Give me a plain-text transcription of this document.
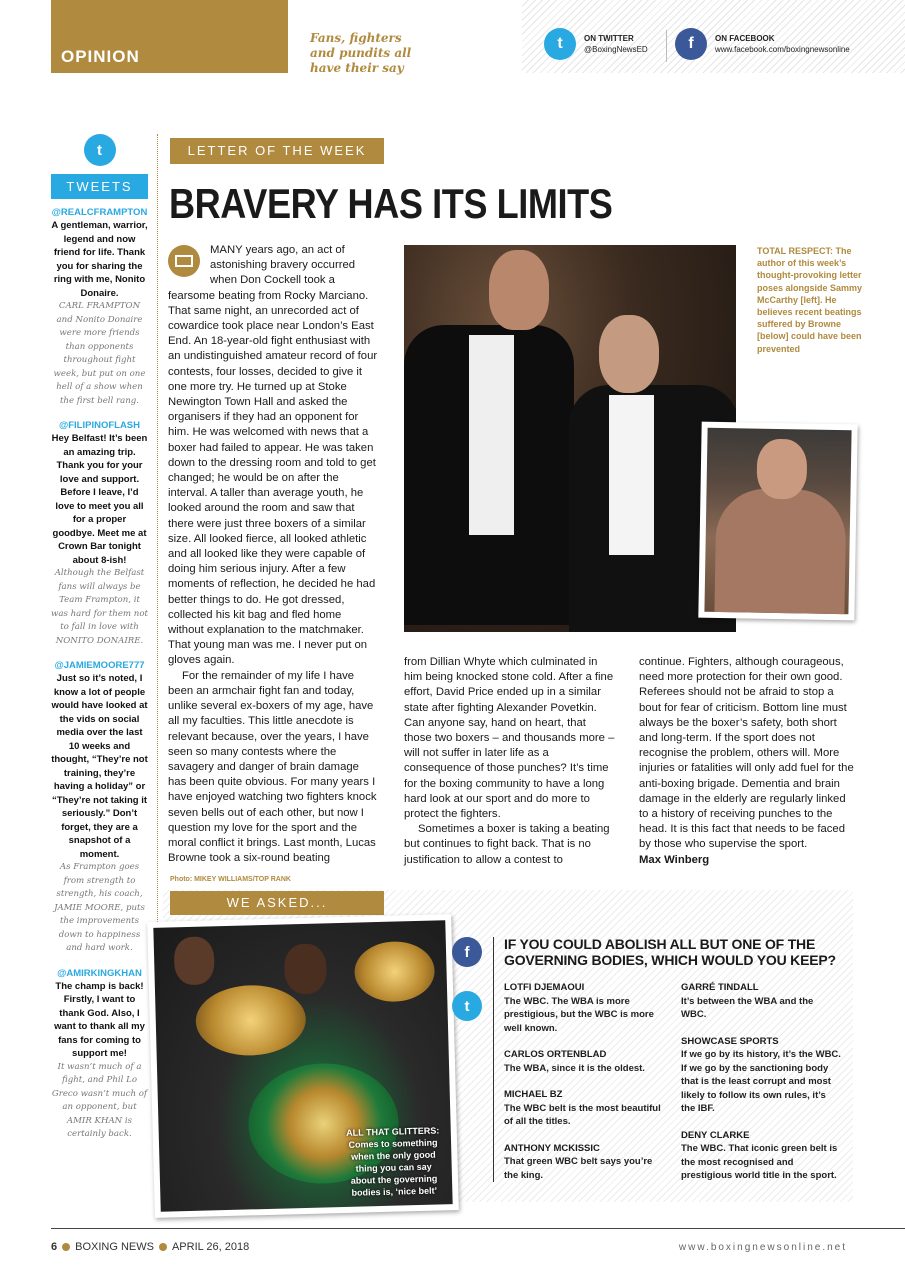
OPINION
Fans, fighters and pundits all have their say
t	ON TWITTER
@BoxingNewsED	f	ON FACEBOOK
www.facebook.com/boxingnewsonline
t
TWEETS
@REALCFRAMPTON
A gentleman, warrior, legend and now friend for life. Thank you for sharing the ring with me, Nonito Donaire.
CARL FRAMPTON and Nonito Donaire were more friends than opponents throughout fight week, but put on one hell of a show when the first bell rang.
@FILIPINOFLASH
Hey Belfast! It’s been an amazing trip. Thank you for your love and support. Before I leave, I’d love to meet you all for a proper goodbye. Meet me at Crown Bar tonight about 8-ish!
Although the Belfast fans will always be Team Frampton, it was hard for them not to fall in love with NONITO DONAIRE.
@JAMIEMOORE777
Just so it’s noted, I know a lot of people would have looked at the vids on social media over the last 10 weeks and thought, “They’re not training, they’re having a holiday” or “They’re not taking it seriously.” Don’t forget, they are a snapshot of a moment.
As Frampton goes from strength to strength, his coach, JAMIE MOORE, puts the improvements down to happiness and hard work.
@AMIRKINGKHAN
The champ is back! Firstly, I want to thank God. Also, I want to thank all my fans for coming to support me!
It wasn’t much of a fight, and Phil Lo Greco wasn’t much of an opponent, but AMIR KHAN is certainly back.
LETTER OF THE WEEK
BRAVERY HAS ITS LIMITS

MANY years ago, an act of astonishing bravery occurred when Don Cockell took a fearsome beating from Rocky Marciano. That same night, an unrecorded act of cowardice took place near London’s East End. An 18-year-old fight enthusiast with an undistinguished amateur record of four contests, four losses, decided to give it one more try. He turned up at Stoke Newington Town Hall and asked the organisers if they had an opponent for him. He was welcomed with news that a boxer had failed to appear. He was taken down to the dressing room and told to get changed; he would be on after the interval. A taller than average youth, he looked around the room and saw that there were just three boxers of a similar size. All looked fierce, all looked athletic and all looked like they were capable of doing him serious injury. After a few moments of reflection, he decided he had better things to do. He got dressed, collected his kit bag and fled home without explanation to the matchmaker. That young man was me. I never put on gloves again.

For the remainder of my life I have been an armchair fight fan and today, unlike several ex-boxers of my age, have all my faculties. This little anecdote is relevant because, over the years, I have seen so many contests where the savagery and danger of brain damage has been quite obvious. For many years I have enjoyed watching two fighters knock seven bells out of each other, but now I question my love for the sport and the moral conflict it brings. Last month, Lucas Browne took a six-round beating

from Dillian Whyte which culminated in him being knocked stone cold. After a fine effort, David Price ended up in a similar state after fighting Alexander Povetkin. Can anyone say, hand on heart, that those two boxers – and thousands more – will not suffer in later life as a consequence of those punches? It’s time for the boxing community to have a long hard look at our sport and do more to protect the fighters.

Sometimes a boxer is taking a beating but continues to fight back. That is no justification to allow a contest to

continue. Fighters, although courageous, need more protection for their own good. Referees should not be afraid to stop a bout for fear of criticism. Bottom line must always be the boxer’s safety, both short and long-term. If the sport does not recognise the problem, others will. More injuries or fatalities will only add fuel for the anti-boxing brigade. Dementia and brain damage in the elderly are regularly linked to a history of receiving punches to the head. It is this fact that needs to be faced by those who supervise the sport.

Max Winberg

Photo: MIKEY WILLIAMS/TOP RANK
TOTAL RESPECT: The author of this week’s thought-provoking letter poses alongside Sammy McCarthy [left]. He believes recent beatings suffered by Browne [below] could have been prevented
WE ASKED...
ALL THAT GLITTERS: Comes to something when the only good thing you can say about the governing bodies is, ‘nice belt’
f
t
IF YOU COULD ABOLISH ALL BUT ONE OF THE GOVERNING BODIES, WHICH WOULD YOU KEEP?
LOTFI DJEMAOUI
The WBC. The WBA is more prestigious, but the WBC is more well known.
CARLOS ORTENBLAD
The WBA, since it is the oldest.
MICHAEL BZ
The WBC belt is the most beautiful of all the titles.
ANTHONY MCKISSIC
That green WBC belt says you’re the king.
GARRÉ TINDALL
It’s between the WBA and the WBC.
SHOWCASE SPORTS
If we go by its history, it’s the WBC. If we go by the sanctioning body that is the least corrupt and most likely to follow its own rules, it’s the IBF.
DENY CLARKE
The WBC. That iconic green belt is the most recognised and prestigious world title in the sport.
6 BOXING NEWS APRIL 26, 2018	www.boxingnewsonline.net
